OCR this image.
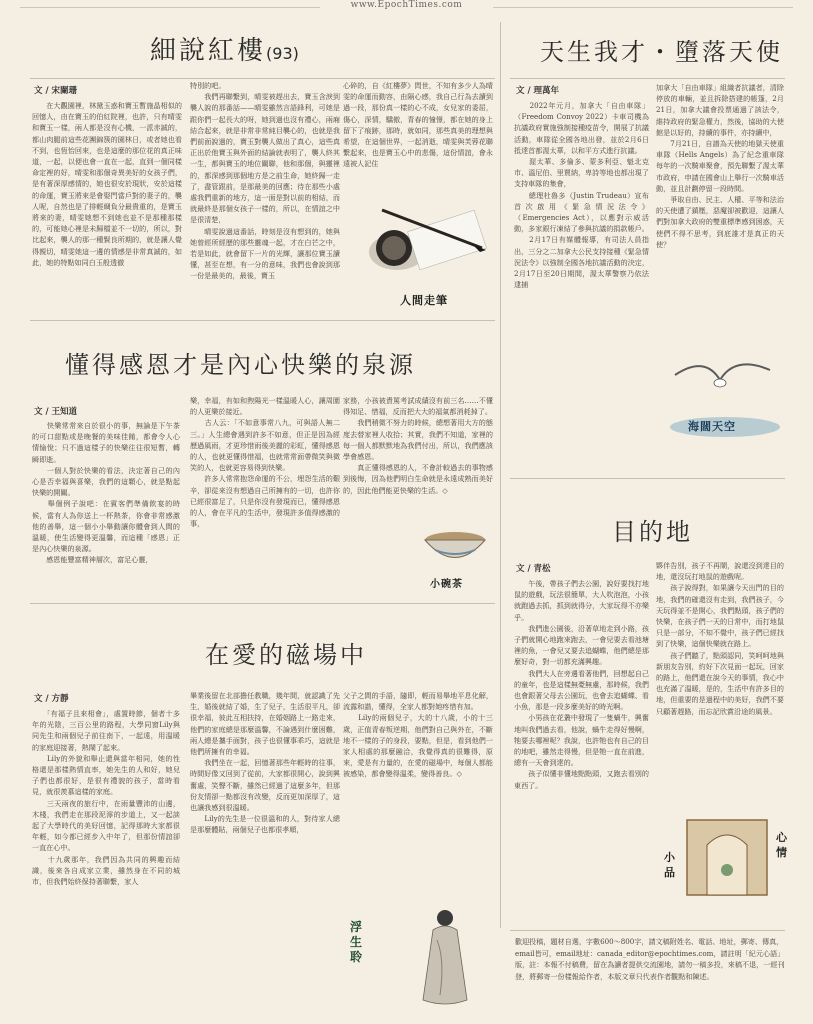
www.EpochTimes.com
細說紅樓(93)
文 / 宋闌珊
　　在大觀園裡，林黛玉惑和寶玉暫施晶相似的回憶人，由在寶玉的伯紅院裡，也許，只有晴雯和寶玉一樣，兩人都是沒有心機，一派赤誠的，都山肉腿前這些花團錦簇的園林日，或者她也看不到，也恆怡回來，也是這麼的那位花的真正味道，一起，以便也會一直在一起，直到一個同樣命定裡的好，晴雯和那個奇異美好的女孩子們，是有著深厚感情的，她也很安於現狀，安於這樣的命運，寶玉將來是會娶門當戶對的妻子的，襲人呢，自然也是了排輕綢負分最貴重的，是寶玉將來的妻，晴雯她想不到她也並不是那種那樣的，可能她心裡是未歸檔並不一切的，所以，對比起來，襲人的那一種賢良所期的，就是讓人覺得親切，晴雯她這一邊的情感是非常真誠的，如此，她的特點如同白玉般透徹
特別的吧。
　　我們再聯繫到，晴雯被趕出去，寶玉含淚到襲人說的那番話——晴雯雖然言語鋒利，可她是跟你們一起長大的呀，她到過也沒有禮心，兩廂結合起來，就是非常非常純目襲心的，也就是我們前面說過的，寶玉對襲人做出了真心，這些真正出於他寶玉與外面的結論就表明了，襲人終其一生，都與寶玉的地位關聯，他和那個，與靈裡的，都深感到那個地方是之前生命，她終歸一走了，盡管跟前，是那最美的回應；待在那些小處處我們重新的地方，這一面是對以前的相結，而就最終是那個女孩子一樣的，所以，在情誼之中是很清楚，
　　晴雯說過這番話，時刻是沒有想到的，她與她曾經所經歷的那些靈魂一起，才在白芒之中，若是如此，就會留下一片的光輝，讓那位寶玉讀懂，甚至在想，有一分的意味，我們也會說到那一份是最美的，最後，寶玉
心碎的，自《紅樓夢》問世，不知有多少人為晴雯的命運而動容，由隔心感，我自己行為去讀到過一段，那份真一樣的心不成，女兒家的委屈，傷心，深情，驕傲，青春的憧憬，都在她的身上留下了痕跡，那時，就如同，那些真美的理想與希望，在這個世界，一起消逝，晴雯與芙蓉花聯繫起來，也是寶玉心中的悲傷，這份情誼，會永遠被人記住
人間走筆
懂得感恩才是內心快樂的泉源
文 / 王知道
　　快樂常常來自於很小的事，無論是下午茶的可口甜點或是晚餐的美味佳餚，都會令人心情愉悅；只不過這樣子的快樂往往很短暫，轉瞬即逝。
　　一個人對於快樂的看法，決定著自己的內心是否幸福與喜樂，我們的這顆心，就是點起快樂的開關。
　　舉個例子說吧：在賓客們準備飲宴的時候，當有人為你送上一杯熱茶，你會非常感激他的善舉，這一個小小舉動讓你體會到人間的溫暖，使生活變得更溫馨，而這種「感恩」正是內心快樂的泉源。
　　感恩能豐富精神層次，富足心靈，
樂，幸福，有如和煦陽光一樣溫暖人心，讓周圍的人更樂於接近。
　　古人云：「不如意事常八九，可與語人無二三。」人生總會遇到許多不如意，但正是因為經歷過風雨，才更珍惜雨後美麗的彩虹，懂得感恩的人，也就更懂得惜福，也就常常面帶微笑與微笑的人，也就更容易得到快樂。
　　許多人常常抱怨命運的不公，埋怨生活的艱辛，卻從來沒有想過自己所擁有的一切，也許你已經很富足了，只是你沒有發現而已，懂得感恩的人，會在平凡的生活中，發現許多值得感激的事，
家務，小孩被責罵考試成績沒有前三名……不懂得知足、惜福，反而把大大的福氣都消耗掉了。
　　我們稍微不努力的時候，總想著用大方的態度去替家裡人收拾；其實，我們不知道，家裡的每一個人都默默地為我們付出，所以，我們應該學會感恩。
　　真正懂得感恩的人，不會計較過去的事物感到後悔，因為他們明白生命就是永遠成熟而美好的，因此他們能更快樂的生活。◇
小碗茶
在愛的磁場中
文 / 方靜
　　「有福子且來相會」，處置時節，個者十多年的光陰，三百公里的路程，大學同窗Lily與同先生和兩個兒子前往南下，一起遠，用溫暖的家庭迎接著，熱鬧了起來。
　　Lily的外貌和舉止還與當年相同，她的性格還是那樣熱情直率，她先生的人和好，她兒子們也都很好，是很有禮貌的孩子，當時看見，就很羨慕這樣的家庭。
　　三天兩夜的旅行中，在雨量豐沛的山邊，木棧，我們走在那段泥濘的步道上，又一起談起了大學時代的美好回憶，記得那時大家都很年輕，如今都已經步入中年了，但那份情誼卻一直在心中。
　　十九歲那年，我們因為共同的興趣而結識，後來各自成家立業，雖然身在不同的城市，但我們始終保持著聯繫，家人
畢業後留在北部擔任教職，幾年間，就認識了先生，婚後就結了婚，生了兒子，生活很平凡，卻很幸福，彼此互相扶持，在婚姻路上一路走來，他們的家庭總是那麼溫馨，不論遇到什麼困難，兩人總是攜手面對，孩子也很懂事乖巧，這就是他們所擁有的幸福。
　　我們坐在一起，回憶著那些年輕時的往事，時間好像又回到了從前，大家都很開心，說到興奮處，笑聲不斷，雖然已經過了這麼多年，但那份友情卻一點都沒有改變，反而更加深厚了，這也讓我感到很溫暖。
　　Lily的先生是一位很溫和的人，對待家人總是那麼體貼，兩個兒子也都很孝順，
父子之間的手語，隨即，輕而易舉地平息化解，流露和諧，懂得，全家人都對她疼惜有加。
　　Lily的兩個兒子，大的十八歲，小的十三歲，正值青春叛逆期，他們對自己與外在，不斷地不一樣的子的身段，要點，但是，看到他們一家人相處的那麼融洽，我覺得真的很難得，原來，愛是有力量的，在愛的磁場中，每個人都能被感染，都會變得溫柔，變得善良。◇
浮生聆
天生我才・墮落天使
文 / 理萬年
　　2022年元月，加拿大「自由車隊」（Freedom Convoy 2022）卡車司機為抗議政府實施強制接種疫苗令，開展了抗議活動，車隊從全國各地出發，並於2月6日抵達首都渥太華，以和平方式進行抗議。
　　渥太華、多倫多、蒙多利亞、魁北克市、溫尼伯、里賈納，卑詩等地也都出現了支持車隊的集會，
　　總理杜魯多（Justin Trudeau）宣布首次啟用《緊急情況法令》（Emergencies Act），以應對示威活動，多家銀行凍結了參與抗議的捐款帳戶。
　　2月17日有媒體報導，有司法人員指出，三分之二加拿大公民支持接種《緊急情況法令》以強制全國各地抗議活動的決定，2月17日至20日期間，渥太華警察乃依法逮捕
加拿大「自由車隊」組織者抗議者，清除停放的車輛，並且拆除搭建的帳篷，2月21日，加拿大議會投票通過了該法令，維持政府的緊急權力，然後，協助的大使館是以好的，持續的事件，亦持續中，
　　7月21日，自譜為天使的地獄天使重車隊（Hells Angels）為了紀念重車隊每年的一次騎車聚會，預先聯繫了渥太華市政府，申請在國會山上舉行一次騎車活動，並且計劃停留一段時間。
　　爭取自由、民主、人權、平等和法治的天使遭了鎮壓，惡魔卻被歡迎，這讓人們對加拿大政府的雙重標準感到困惑，天使們不得不思考，到底誰才是真正的天使？
海闊天空
目的地
文 / 青松
　　午後，帶孩子們去公園，說好要找打地鼠的遊戲，玩法很簡單，大人吹泡泡，小孩就跑過去抓，抓到就得分，大家玩得不亦樂乎。
　　我們進公園後，沿著草地走到小路，孩子們就開心地跑來跑去，一會兒要去看池塘裡的魚，一會兒又要去追蝴蝶，他們總是那麼好奇，對一切都充滿興趣。
　　我們大人在旁邊看著他們，回想起自己的童年，也是這樣無憂無慮，那時候，我們也會跟著父母去公園玩，也會去追蝴蝶、看小魚，那是一段多麼美好的時光啊。
　　小男孩在花叢中發現了一隻蝸牛，興奮地叫我們過去看，他說，蝸牛走得好慢啊，牠要去哪裡呢？我說，也許牠也有自己的目的地吧，雖然走得慢，但是牠一直在前進，總有一天會到達的。
　　孩子似懂非懂地點點頭，又跑去看別的東西了。
夥伴告別，孩子不再鬧，說還沒到達目的地，還沒玩打地鼠的遊戲呢。
　　孩子說得對，如果讓今天出門的目的地，我們的確還沒有走到，我們孩子，今天玩得並不是開心，我們點頭，孩子們的快樂，在孩子們一天的日常中，而打地鼠只是一部分，不知不覺中，孩子們已經找到了快樂，這個快樂就在路上。
　　孩子們聽了，點頭認同，笑呵呵地與新朋友告別，約好下次見面一起玩，回家的路上，他們還在說今天的事情，我心中也充滿了溫暖，是的，生活中有許多目的地，但重要的是過程中的美好，我們不要只顧著趕路，而忘記欣賞沿途的風景。
小品
心情
歡迎投稿，題材自選，字數600～800字，請文稿附姓名、電話、地址，郵寄、傳真，email皆可，email地址：canada_editor@epochtimes.com，請註明「紀元心語」版，註：本報不付稿費，留在為讀者提供交流園地，請勿一稿多投，來稿不退，一經刊登，將郵寄一份樣報給作者，本版文章只代表作者觀點和陳述。
